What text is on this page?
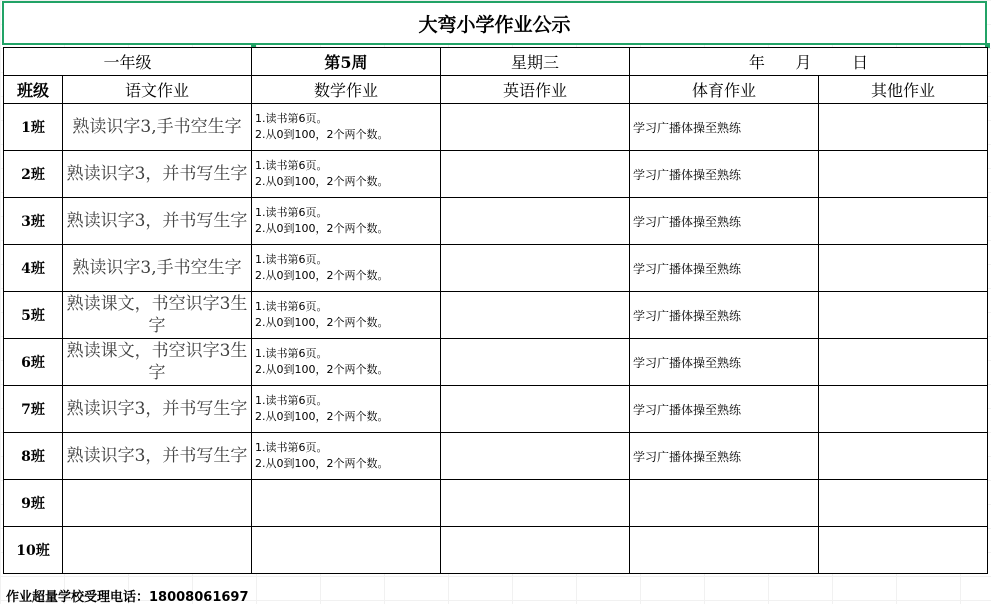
大弯小学作业公示
一年级		第5周	星期三	年 月 日	
班级	语文作业	数学作业	英语作业	体育作业	其他作业
1班	熟读识字3,手书空生字	1.读书第6页。
2.从0到100，2个两个数。		学习广播体操至熟练	
2班	熟读识字3，并书写生字	1.读书第6页。
2.从0到100，2个两个数。		学习广播体操至熟练	
3班	熟读识字3，并书写生字	1.读书第6页。
2.从0到100，2个两个数。		学习广播体操至熟练	
4班	熟读识字3,手书空生字	1.读书第6页。
2.从0到100，2个两个数。		学习广播体操至熟练	
5班	熟读课文，书空识字3生字	1.读书第6页。
2.从0到100，2个两个数。		学习广播体操至熟练	
6班	熟读课文，书空识字3生字	1.读书第6页。
2.从0到100，2个两个数。		学习广播体操至熟练	
7班	熟读识字3，并书写生字	1.读书第6页。
2.从0到100，2个两个数。		学习广播体操至熟练	
8班	熟读识字3，并书写生字	1.读书第6页。
2.从0到100，2个两个数。		学习广播体操至熟练	
9班					
10班					
作业超量学校受理电话：18008061697
